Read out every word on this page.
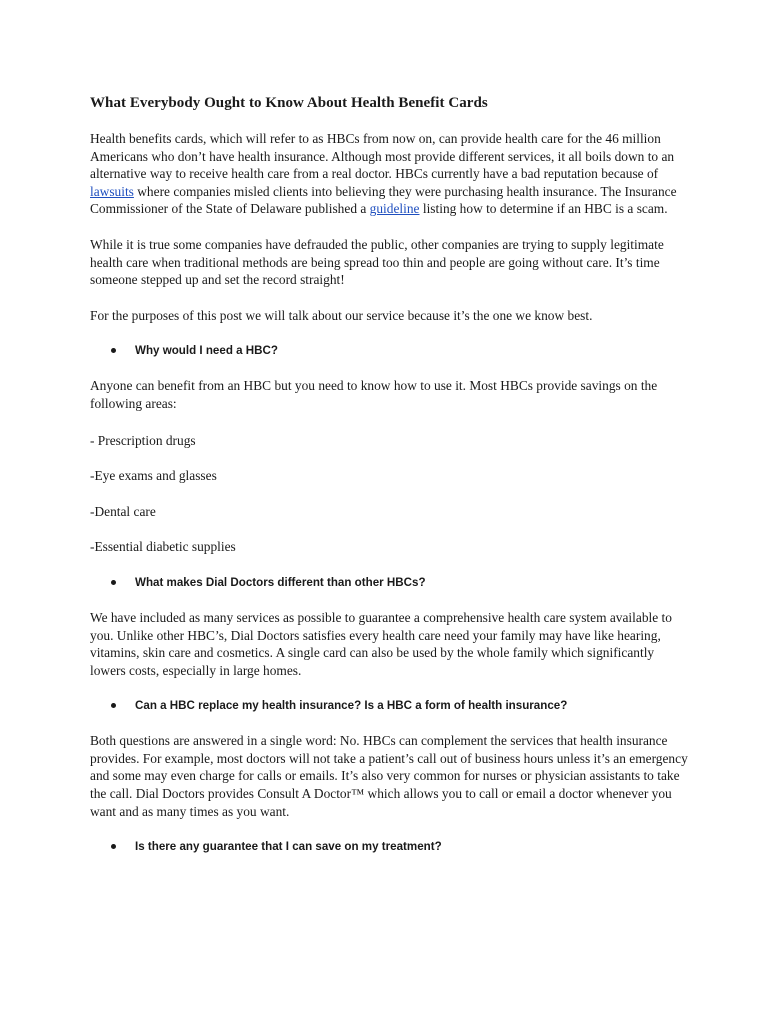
What Everybody Ought to Know About Health Benefit Cards

Health benefits cards, which will refer to as HBCs from now on, can provide health care for the 46 million Americans who don’t have health insurance. Although most provide different services, it all boils down to an alternative way to receive health care from a real doctor. HBCs currently have a bad reputation because of lawsuits where companies misled clients into believing they were purchasing health insurance. The Insurance Commissioner of the State of Delaware published a guideline listing how to determine if an HBC is a scam.

While it is true some companies have defrauded the public, other companies are trying to supply legitimate health care when traditional methods are being spread too thin and people are going without care. It’s time someone stepped up and set the record straight!

For the purposes of this post we will talk about our service because it’s the one we know best.

Why would I need a HBC?

Anyone can benefit from an HBC but you need to know how to use it. Most HBCs provide savings on the following areas:

- Prescription drugs

-Eye exams and glasses

-Dental care

-Essential diabetic supplies

What makes Dial Doctors different than other HBCs?

We have included as many services as possible to guarantee a comprehensive health care system available to you. Unlike other HBC’s, Dial Doctors satisfies every health care need your family may have like hearing, vitamins, skin care and cosmetics. A single card can also be used by the whole family which significantly lowers costs, especially in large homes.

Can a HBC replace my health insurance? Is a HBC a form of health insurance?

Both questions are answered in a single word: No. HBCs can complement the services that health insurance provides. For example, most doctors will not take a patient’s call out of business hours unless it’s an emergency and some may even charge for calls or emails. It’s also very common for nurses or physician assistants to take the call. Dial Doctors provides Consult A Doctor™ which allows you to call or email a doctor whenever you want and as many times as you want.

Is there any guarantee that I can save on my treatment?
